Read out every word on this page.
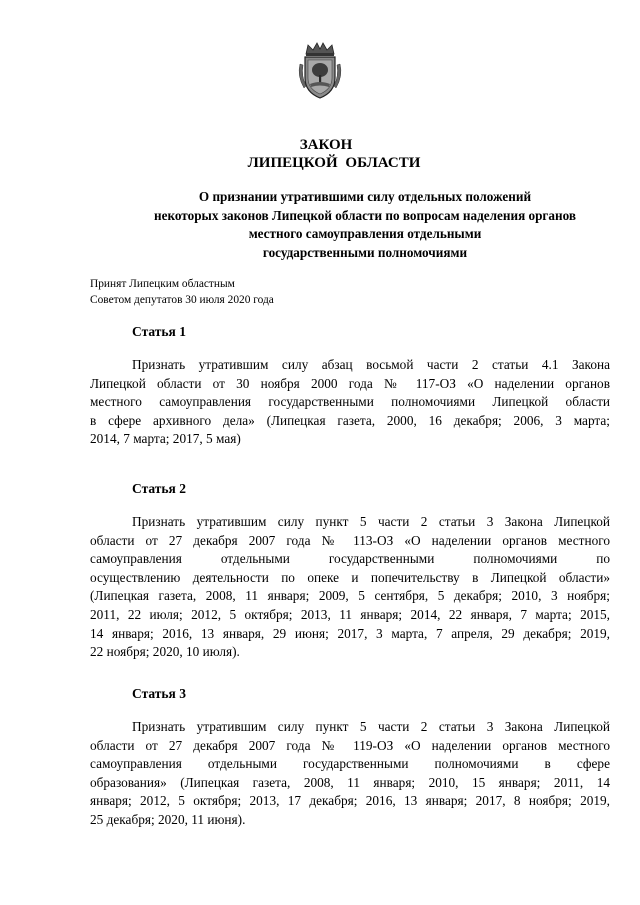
ЗАКОН
ЛИПЕЦКОЙ ОБЛАСТИ
О признании утратившими силу отдельных положений
некоторых законов Липецкой области по вопросам наделения органов
местного самоуправления отдельными
государственными полномочиями
Принят Липецким областным
Советом депутатов 30 июля 2020 года
Статья 1
Признать утратившим силу абзац восьмой части 2 статьи 4.1 Закона
Липецкой области от 30 ноября 2000 года № 117-ОЗ «О наделении органов
местного самоуправления государственными полномочиями Липецкой области
в сфере архивного дела» (Липецкая газета, 2000, 16 декабря; 2006, 3 марта;
2014, 7 марта; 2017, 5 мая)
Статья 2
Признать утратившим силу пункт 5 части 2 статьи 3 Закона Липецкой
области от 27 декабря 2007 года № 113-ОЗ «О наделении органов местного
самоуправления отдельными государственными полномочиями по
осуществлению деятельности по опеке и попечительству в Липецкой области»
(Липецкая газета, 2008, 11 января; 2009, 5 сентября, 5 декабря; 2010, 3 ноября;
2011, 22 июля; 2012, 5 октября; 2013, 11 января; 2014, 22 января, 7 марта; 2015,
14 января; 2016, 13 января, 29 июня; 2017, 3 марта, 7 апреля, 29 декабря; 2019,
22 ноября; 2020, 10 июля).
Статья 3
Признать утратившим силу пункт 5 части 2 статьи 3 Закона Липецкой
области от 27 декабря 2007 года № 119-ОЗ «О наделении органов местного
самоуправления отдельными государственными полномочиями в сфере
образования» (Липецкая газета, 2008, 11 января; 2010, 15 января; 2011, 14
января; 2012, 5 октября; 2013, 17 декабря; 2016, 13 января; 2017, 8 ноября; 2019,
25 декабря; 2020, 11 июня).
